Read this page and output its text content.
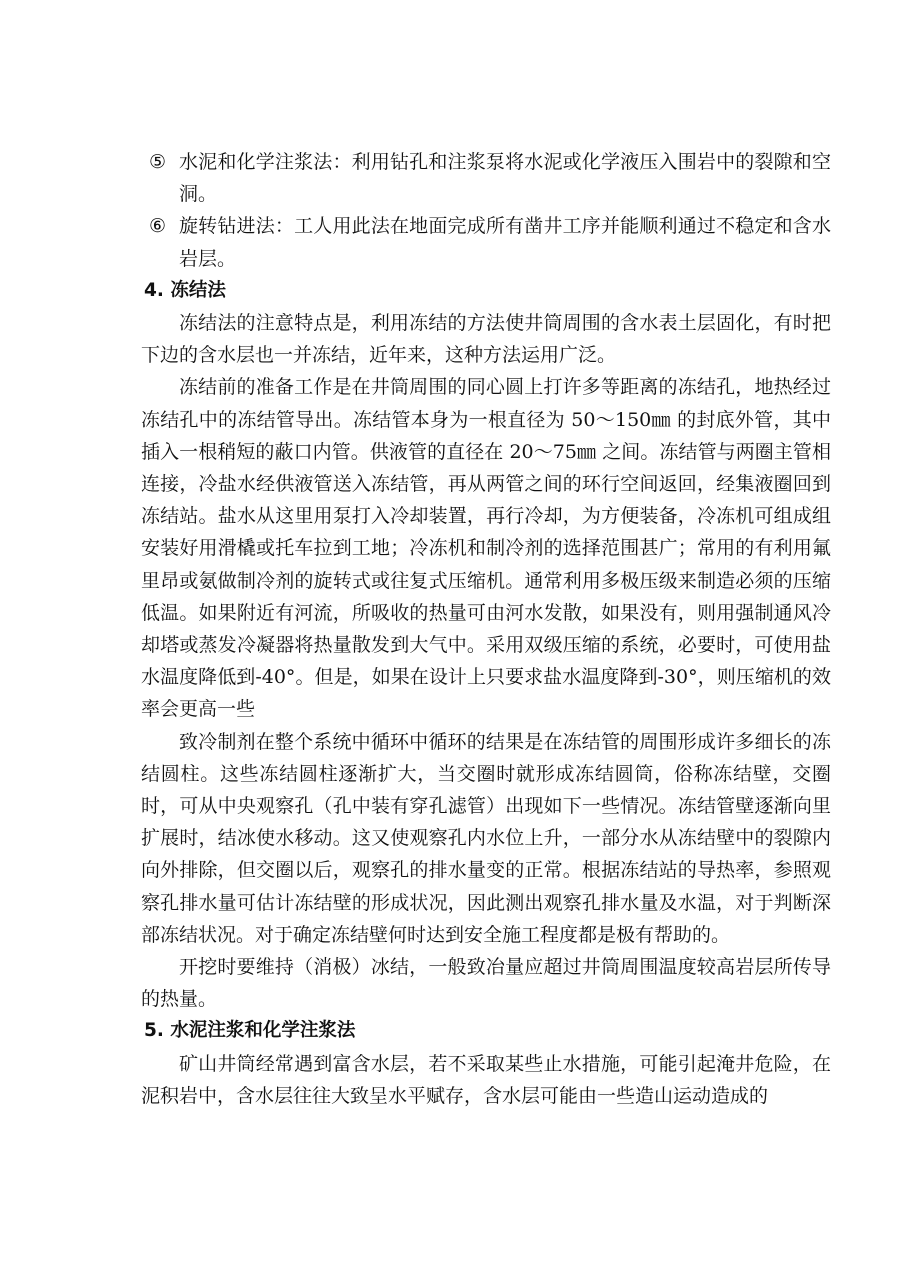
⑤ 水泥和化学注浆法：利用钻孔和注浆泵将水泥或化学液压入围岩中的裂隙和空洞。
⑥ 旋转钻进法：工人用此法在地面完成所有凿井工序并能顺利通过不稳定和含水岩层。
4. 冻结法

冻结法的注意特点是，利用冻结的方法使井筒周围的含水表土层固化，有时把下边的含水层也一并冻结，近年来，这种方法运用广泛。

冻结前的准备工作是在井筒周围的同心圆上打许多等距离的冻结孔，地热经过冻结孔中的冻结管导出。冻结管本身为一根直径为 50～150㎜ 的封底外管，其中插入一根稍短的蔽口内管。供液管的直径在 20～75㎜ 之间。冻结管与两圈主管相连接，冷盐水经供液管送入冻结管，再从两管之间的环行空间返回，经集液圈回到冻结站。盐水从这里用泵打入冷却装置，再行冷却，为方便装备，冷冻机可组成组安装好用滑橇或托车拉到工地；冷冻机和制冷剂的选择范围甚广；常用的有利用氟里昂或氨做制冷剂的旋转式或往复式压缩机。通常利用多极压级来制造必须的压缩低温。如果附近有河流，所吸收的热量可由河水发散，如果没有，则用强制通风冷却塔或蒸发冷凝器将热量散发到大气中。采用双级压缩的系统，必要时，可使用盐水温度降低到-40°。但是，如果在设计上只要求盐水温度降到-30°，则压缩机的效率会更高一些

致冷制剂在整个系统中循环中循环的结果是在冻结管的周围形成许多细长的冻结圆柱。这些冻结圆柱逐渐扩大，当交圈时就形成冻结圆筒，俗称冻结壁，交圈时，可从中央观察孔（孔中装有穿孔滤管）出现如下一些情况。冻结管壁逐渐向里扩展时，结冰使水移动。这又使观察孔内水位上升，一部分水从冻结壁中的裂隙内向外排除，但交圈以后，观察孔的排水量变的正常。根据冻结站的导热率，参照观察孔排水量可估计冻结壁的形成状况，因此测出观察孔排水量及水温，对于判断深部冻结状况。对于确定冻结壁何时达到安全施工程度都是极有帮助的。

开挖时要维持（消极）冰结，一般致冶量应超过井筒周围温度较高岩层所传导的热量。

5. 水泥注浆和化学注浆法

矿山井筒经常遇到富含水层，若不采取某些止水措施，可能引起淹井危险，在泥积岩中，含水层往往大致呈水平赋存，含水层可能由一些造山运动造成的
